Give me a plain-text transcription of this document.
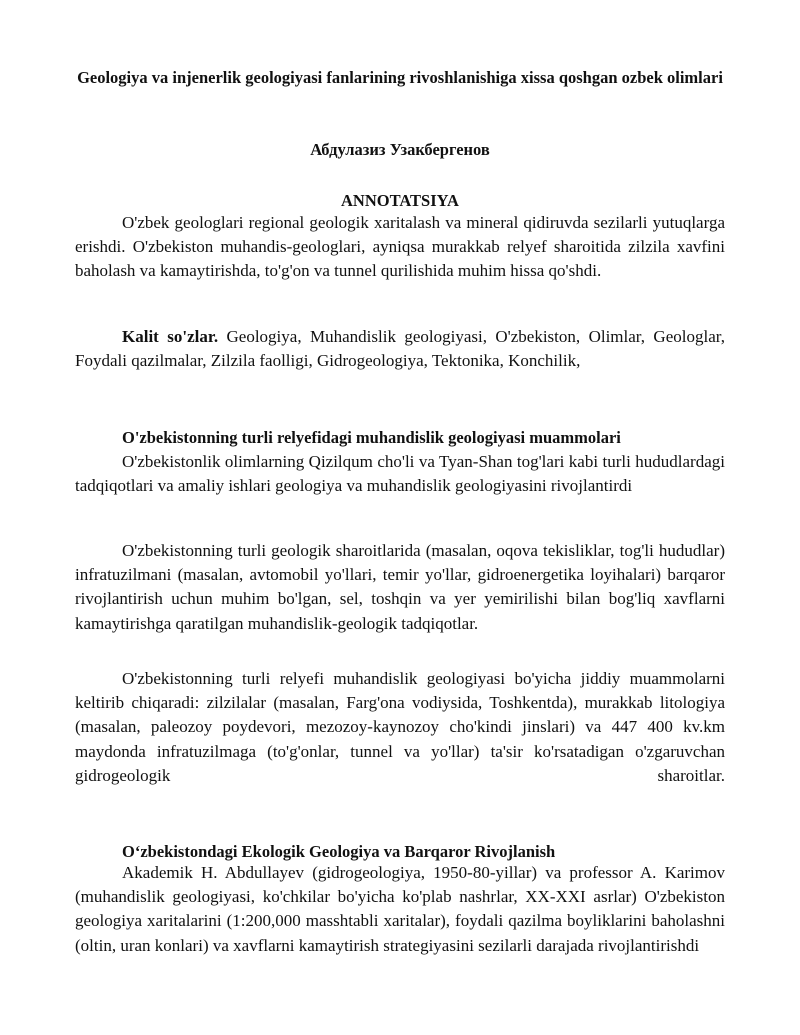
Geologiya va injenerlik geologiyasi fanlarining rivoshlanishiga xissa qoshgan ozbek olimlari
Абдулазиз Узакбергенов
ANNOTATSIYA

O'zbek geologlari regional geologik xaritalash va mineral qidiruvda sezilarli yutuqlarga erishdi. O'zbekiston muhandis-geologlari, ayniqsa murakkab relyef sharoitida zilzila xavfini baholash va kamaytirishda, to'g'on va tunnel qurilishida muhim hissa qo'shdi.

Kalit so'zlar. Geologiya, Muhandislik geologiyasi, O'zbekiston, Olimlar, Geologlar, Foydali qazilmalar, Zilzila faolligi, Gidrogeologiya, Tektonika, Konchilik,

O'zbekistonning turli relyefidagi muhandislik geologiyasi muammolari

O'zbekistonlik olimlarning Qizilqum cho'li va Tyan-Shan tog'lari kabi turli hududlardagi tadqiqotlari va amaliy ishlari geologiya va muhandislik geologiyasini rivojlantirdi

O'zbekistonning turli geologik sharoitlarida (masalan, oqova tekisliklar, tog'li hududlar) infratuzilmani (masalan, avtomobil yo'llari, temir yo'llar, gidroenergetika loyihalari) barqaror rivojlantirish uchun muhim bo'lgan, sel, toshqin va yer yemirilishi bilan bog'liq xavflarni kamaytirishga qaratilgan muhandislik-geologik tadqiqotlar.

O'zbekistonning turli relyefi muhandislik geologiyasi bo'yicha jiddiy muammolarni keltirib chiqaradi: zilzilalar (masalan, Farg'ona vodiysida, Toshkentda), murakkab litologiya (masalan, paleozoy poydevori, mezozoy-kaynozoy cho'kindi jinslari) va 447 400 kv.km maydonda infratuzilmaga (to'g'onlar, tunnel va yo'llar) ta'sir ko'rsatadigan o'zgaruvchan gidrogeologik sharoitlar.

O‘zbekistondagi Ekologik Geologiya va Barqaror Rivojlanish

Akademik H. Abdullayev (gidrogeologiya, 1950-80-yillar) va professor A. Karimov (muhandislik geologiyasi, ko'chkilar bo'yicha ko'plab nashrlar, XX-XXI asrlar) O'zbekiston geologiya xaritalarini (1:200,000 masshtabli xaritalar), foydali qazilma boyliklarini baholashni (oltin, uran konlari) va xavflarni kamaytirish strategiyasini sezilarli darajada rivojlantirishdi
